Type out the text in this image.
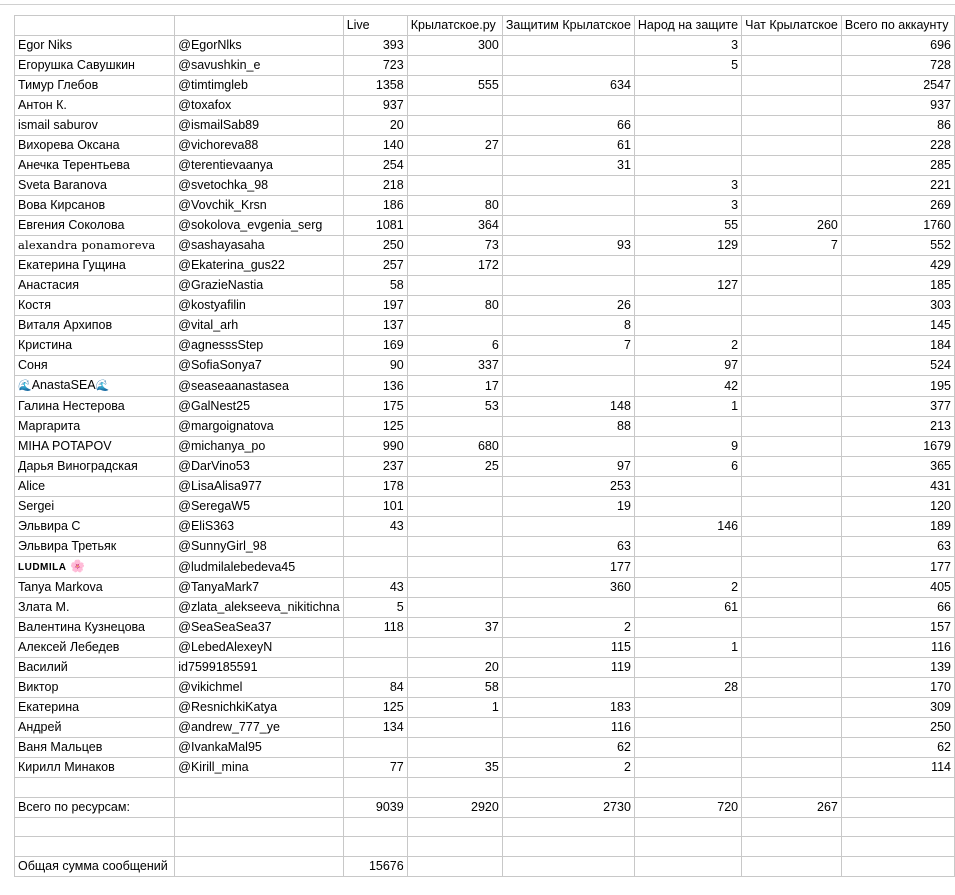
		Live	Крылатское.ру	Защитим Крылатское	Народ на защите	Чат Крылатское	Всего по аккаунту
Egor Niks	@EgorNlks	393	300		3		696
Егорушка Савушкин	@savushkin_e	723			5		728
Тимур Глебов	@timtimgleb	1358	555	634			2547
Антон К.	@toxafox	937					937
ismail saburov	@ismailSab89	20		66			86
Вихорева Оксана	@vichoreva88	140	27	61			228
Анечка Терентьева	@terentievaanya	254		31			285
Sveta Baranova	@svetochka_98	218			3		221
Вова Кирсанов	@Vovchik_Krsn	186	80		3		269
Евгения Соколова	@sokolova_evgenia_serg	1081	364		55	260	1760
alexandra ponamoreva	@sashayasaha	250	73	93	129	7	552
Екатерина Гущина	@Ekaterina_gus22	257	172				429
Анастасия	@GrazieNastia	58			127		185
Костя	@kostyafilin	197	80	26			303
Виталя Архипов	@vital_arh	137		8			145
Кристина	@agnesssStep	169	6	7	2		184
Соня	@SofiaSonya7	90	337		97		524
🌊AnastaSEA🌊	@seaseaanastasea	136	17		42		195
Галина Нестерова	@GalNest25	175	53	148	1		377
Маргарита	@margoignatova	125		88			213
MIHA POTAPOV	@michanya_po	990	680		9		1679
Дарья Виноградская	@DarVino53	237	25	97	6		365
Alice	@LisaAlisa977	178		253			431
Sergei	@SeregaW5	101		19			120
Эльвира С	@EliS363	43			146		189
Эльвира Третьяк	@SunnyGirl_98			63			63
LUDMILA 🌸	@ludmilalebedeva45			177			177
Tanya Markova	@TanyaMark7	43		360	2		405
Злата М.	@zlata_alekseeva_nikitichna	5			61		66
Валентина Кузнецова	@SeaSeaSea37	118	37	2			157
Алексей Лебедев	@LebedAlexeyN			115	1		116
Василий	id7599185591		20	119			139
Виктор	@vikichmel	84	58		28		170
Екатерина	@ResnichkiKatya	125	1	183			309
Андрей	@andrew_777_ye	134		116			250
Ваня Мальцев	@IvankaMal95			62			62
Кирилл Минаков	@Kirill_mina	77	35	2			114

Всего по ресурсам:		9039	2920	2730	720	267	

Общая сумма сообщений		15676					
